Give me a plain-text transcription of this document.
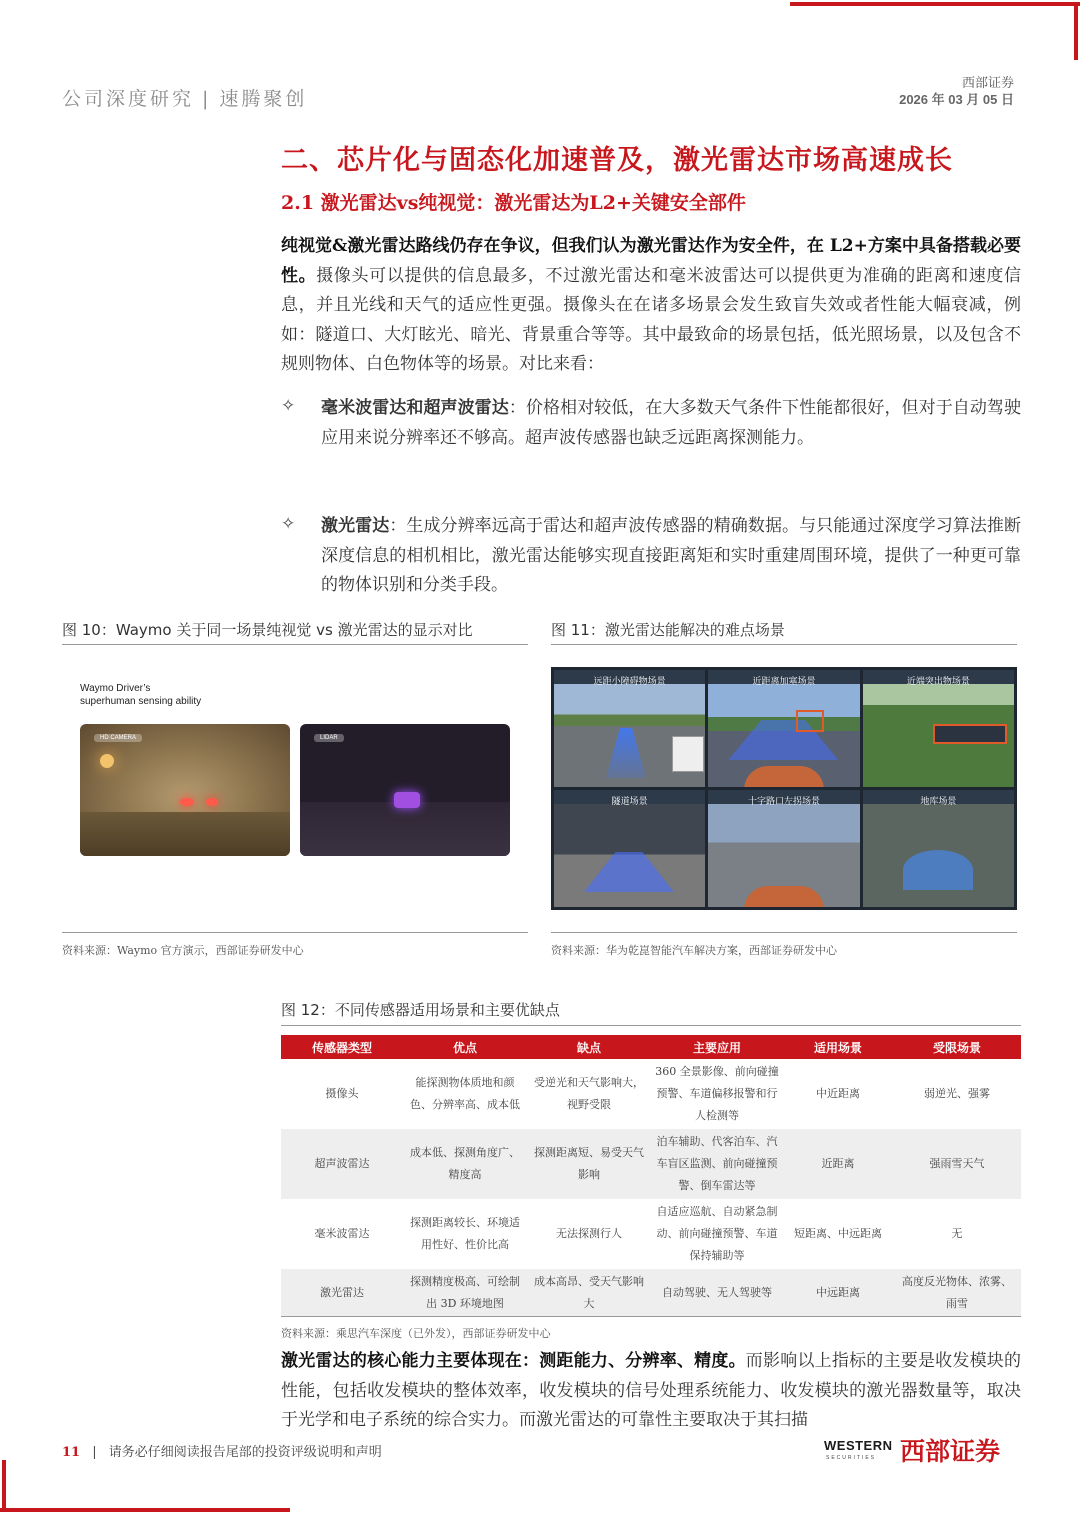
公司深度研究 | 速腾聚创
西部证券
2026 年 03 月 05 日
二、芯片化与固态化加速普及，激光雷达市场高速成长
2.1 激光雷达vs纯视觉：激光雷达为L2+关键安全部件
纯视觉&激光雷达路线仍存在争议，但我们认为激光雷达作为安全件，在 L2+方案中具备搭载必要性。摄像头可以提供的信息最多，不过激光雷达和毫米波雷达可以提供更为准确的距离和速度信息，并且光线和天气的适应性更强。摄像头在在诸多场景会发生致盲失效或者性能大幅衰减，例如：隧道口、大灯眩光、暗光、背景重合等等。其中最致命的场景包括，低光照场景，以及包含不规则物体、白色物体等的场景。对比来看：
✧ 毫米波雷达和超声波雷达：价格相对较低，在大多数天气条件下性能都很好，但对于自动驾驶应用来说分辨率还不够高。超声波传感器也缺乏远距离探测能力。
✧ 激光雷达：生成分辨率远高于雷达和超声波传感器的精确数据。与只能通过深度学习算法推断深度信息的相机相比，激光雷达能够实现直接距离矩和实时重建周围环境，提供了一种更可靠的物体识别和分类手段。
图 10：Waymo 关于同一场景纯视觉 vs 激光雷达的显示对比
Waymo Driver’s
superhuman sensing ability
HD CAMERA	LIDAR
资料来源：Waymo 官方演示，西部证券研发中心
图 11：激光雷达能解决的难点场景
远距小障碍物场景	近距离加塞场景	近端突出物场景
隧道场景	十字路口左拐场景	地库场景
资料来源：华为乾崑智能汽车解决方案，西部证券研发中心
图 12：不同传感器适用场景和主要优缺点
传感器类型	优点	缺点	主要应用	适用场景	受限场景
摄像头	能探测物体质地和颜色、分辨率高、成本低	受逆光和天气影响大，视野受限	360 全景影像、前向碰撞预警、车道偏移报警和行人检测等	中近距离	弱逆光、强雾
超声波雷达	成本低、探测角度广、精度高	探测距离短、易受天气影响	泊车辅助、代客泊车、汽车盲区监测、前向碰撞预警、倒车雷达等	近距离	强雨雪天气
毫米波雷达	探测距离较长、环境适用性好、性价比高	无法探测行人	自适应巡航、自动紧急制动、前向碰撞预警、车道保持辅助等	短距离、中远距离	无
激光雷达	探测精度极高、可绘制出 3D 环境地图	成本高昂、受天气影响大	自动驾驶、无人驾驶等	中远距离	高度反光物体、浓雾、雨雪
资料来源：乘思汽车深度（已外发），西部证券研发中心
激光雷达的核心能力主要体现在：测距能力、分辨率、精度。而影响以上指标的主要是收发模块的性能，包括收发模块的整体效率，收发模块的信号处理系统能力、收发模块的激光器数量等，取决于光学和电子系统的综合实力。而激光雷达的可靠性主要取决于其扫描
11 | 请务必仔细阅读报告尾部的投资评级说明和声明	WESTERN
SECURITIES 西部证券
